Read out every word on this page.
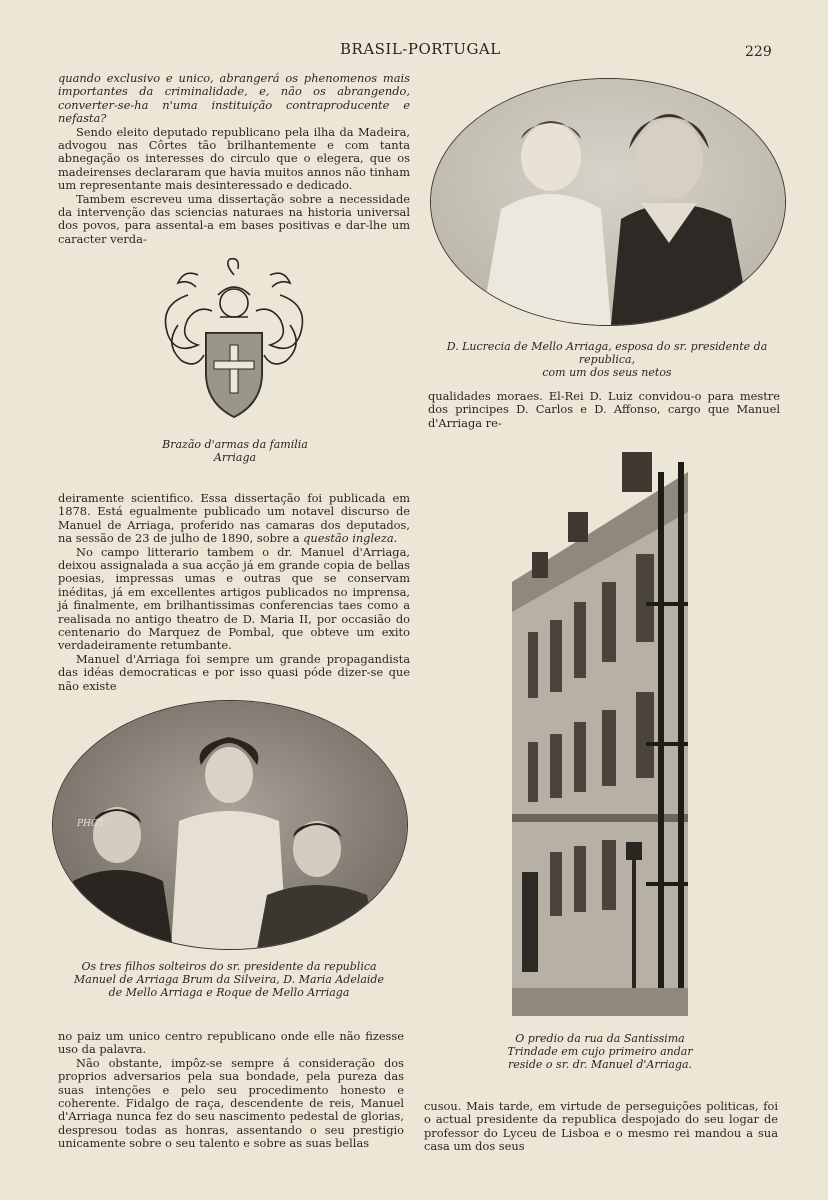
BRASIL-PORTUGAL	229

quando exclusivo e unico, abrangerá os phenomenos mais importantes da criminalidade, e, não os abrangendo, converter-se-ha n'uma instituição contraproducente e nefasta?

Sendo eleito deputado republicano pela ilha da Madeira, advogou nas Côrtes tão brilhantemente e com tanta abnegação os interesses do circulo que o elegera, que os madeirenses declararam que havia muitos annos não tinham um representante mais desinteressado e dedicado.

Tambem escreveu uma dissertação sobre a necessidade da intervenção das sciencias naturaes na historia universal dos povos, para assental-a em bases positivas e dar-lhe um caracter verda-

Brazão d'armas da familia
Arriaga
D. Lucrecia de Mello Arriaga, esposa do sr. presidente da republica,
com um dos seus netos

qualidades moraes. El-Rei D. Luiz convidou-o para mestre dos principes D. Carlos e D. Affonso, cargo que Manuel d'Arriaga re-

deiramente scientifico. Essa dissertação foi publicada em 1878. Está egualmente publicado um notavel discurso de Manuel de Arriaga, proferido nas camaras dos deputados, na sessão de 23 de julho de 1890, sobre a questão ingleza.

No campo litterario tambem o dr. Manuel d'Arriaga, deixou assignalada a sua acção já em grande copia de bellas poesias, impressas umas e outras que se conservam inéditas, já em excellentes artigos publicados no imprensa, já finalmente, em brilhantissimas conferencias taes como a realisada no antigo theatro de D. Maria II, por occasião do centenario do Marquez de Pombal, que obteve um exito verdadeiramente retumbante.

Manuel d'Arriaga foi sempre um grande propagandista das idéas democraticas e por isso quasi póde dizer-se que não existe

PHOT
Os tres filhos solteiros do sr. presidente da republica
Manuel de Arriaga Brum da Silveira, D. Maria Adelaide
de Mello Arriaga e Roque de Mello Arriaga
O predio da rua da Santissima
Trindade em cujo primeiro andar
reside o sr. dr. Manuel d'Arriaga.

no paiz um unico centro republicano onde elle não fizesse uso da palavra.

Não obstante, impôz-se sempre á consideração dos proprios adversarios pela sua bondade, pela pureza das suas intenções e pelo seu procedimento honesto e coherente. Fidalgo de raça, descendente de reis, Manuel d'Arriaga nunca fez do seu nascimento pedestal de glorias, despresou todas as honras, assentando o seu prestigio unicamente sobre o seu talento e sobre as suas bellas

cusou. Mais tarde, em virtude de perseguições politicas, foi o actual presidente da republica despojado do seu logar de professor do Lyceu de Lisboa e o mesmo rei mandou a sua casa um dos seus
